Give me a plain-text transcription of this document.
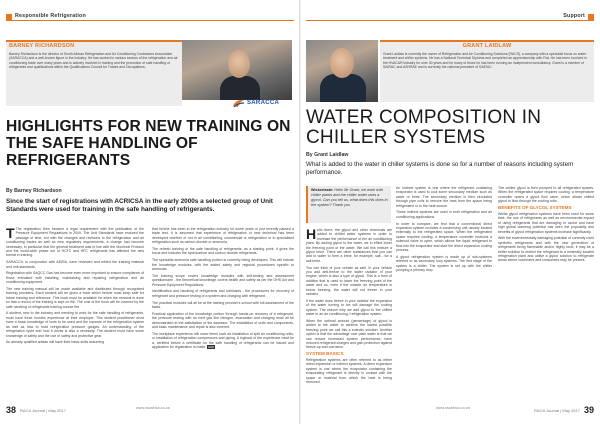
Responsible Refrigeration
BARNEY RICHARDSON
Barney Richardson is the director of South African Refrigeration and Air Conditioning Contractors Association (SARACCA) and a well-known figure in the industry. He has worked in various sectors of the refrigeration and air conditioning trade over many years and is actively involved in training and the promotion of safe handling of refrigerants and qualifications within the Qualifications Council for Trades and Occupations.
SARACCA
HIGHLIGHTS FOR NEW TRAINING ON THE SAFE HANDLING OF REFRIGERANTS
By Barney Richardson
Since the start of registrations with ACRICSA in the early 2000s a selected group of Unit Standards were used for training in the safe handling of refrigerants.

T The registration then became a legal requirement with the publication of the Pressure Equipment Regulations in 2009. The Unit Standards have endured the passage of time, but with the changes and revisions to the refrigeration and air conditioning trades as well as new regulatory requirements, a change had become necessary, in particular that the general treatment was in line with the Montreal Protocol and the world-wide phase out of HCFC and HFC refrigerants has affected the new format in training.

SARACCA, in conjunction with AIDRA, have reviewed and edited the training material and unit standards.

Registration with SAQCC Gas has become even more important to ensure compliance of those entrusted with installing, maintaining and repairing refrigeration and air conditioning equipment.

The new training manual will be made available and distributed through recognised training providers. Each student will be given a book which he/she must keep safe for future training and reference. This book must be available for when the renewal is done so that a record of the training is kept on file. The cost of the book will be covered by the safe handling of refrigerants training course fee.

A student, new to the industry and needing to work for the safe handling of refrigerants, must have three months experience at their employer. This student practitioner must have a basic knowledge of tools to be used and the hazards of the refrigeration system as well as how to read refrigeration pressure gauges. An understanding of the refrigeration cycle and how it works is also a necessity. The student must have some knowledge of safety and the use of safety and protective gear.

An already qualified artisan will have their basic skills assuming

that he/she has been in the refrigeration industry for some years or just recently passed a trade test. It is assumed that experience of refrigeration or new technical has been developed whether or not in air conditioning, commercial or refrigeration or in specialised refrigeration such as carbon dioxide or ammonia.

The refresh training or the safe handling of refrigerants, as a starting point, it gives the focus and includes the hydrocarbon and carbon dioxide refrigerants.

The specialist ammonia safe handling portion is currently being developed. This will include the knowledge modules, with the added safety and regional procedures specific to ammonia.

The training scope covers knowledge modules with self-testing and assessment questionnaire - the theoretical knowledge covers health and safety as per the OHS Act and Pressure Equipment Regulations.

Identification and handling of refrigerants and lubricants - the procedures for recovery of refrigerant and pressure testing of a system and charging with refrigerant.

The practical modules will all be at the training provider's school with full assessment of the tasks.

Practical application of the knowledge portion through hands-on recovery of a refrigerant, the pressure testing with an inert gas like nitrogen, evacuation and charging must all be demonstrated to the satisfaction of the assessor. The installation of units and components, and basic maintenance and repair is also covered.

The workplace experience will cover items such as installation of split air conditioning units, or installation of refrigeration compressors and piping. A logbook of the experience must be a, certified before a certificate for the safe handling of refrigerants can be issued and application for registration is made. END

38 RACA Journal | May 2017	www.racafrica.co.za
Support
GRANT LAIDLAW
Grant Laidlaw is currently the owner of Refrigeration and Air Conditioning Solutions (RACS), a company with a specialist focus on water treatment and chiller systems. He has a National Technical Diploma and completed an apprenticeship with Fiat. He has been involved in the HVAC&R industry for over 30 years and for many of those he has been running an independent consultancy. Grant is a member of SAIRAC and ASHRAE and is currently the national president of SAIRAC.
WATER COMPOSITION IN CHILLER SYSTEMS
By Grant Laidlaw
What is added to the water in chiller systems is done so for a number of reasons including system performance.
Wickerlaste: Hello Mr Grant, we work with chiller plants and the chiller water uses a glycol. Can you tell us, what does this does in the system? Thank you

Hello there, the glycol and other chemicals are added to chilled water systems in order to increase the performance of the air conditioning plant. By adding glycol to the water, we in effect lower the freezing point of the water. We call this mixture a glycol brine. There are other substances that you can add to water to form a brine, for example, salt - for a salt brine.

You can think of your vehicle as well. In your vehicle you add anti-freeze to the water radiator of your engine, which is also a type of glycol. This is a form of additive that is used to lower the freezing point of the water and so, even if the outside air temperature is below freezing, the water will not freeze in your radiator.

If the water does freeze in your radiator the expansion of the water turning to ice will damage the cooling system. The reason why we add glycol to the chilled water in an air conditioning / refrigeration system.

When the optimal amount (percentage) of glycol is added to the water to achieve the lowest possible freezing point we call this a eutectic solution. Another option is that the advantage over plain water is that we can reduce increased system performance, have reduced refrigerant charges and gain protection against freeze-up and corrosion.

SYSTEM BASICS

Refrigeration systems are often referred to as either direct expansion or indirect systems. A direct expansion system is one where the evaporator containing the evaporating refrigerant is directly in contact with the space or material from which the heat is being removed.

An indirect system is one where the refrigerant containing evaporator is used to cool some secondary medium such as water or brine. The secondary medium is then circulated through pipe coils to remove the heat from the space being refrigerated or to the heat source.

These indirect systems are used in both refrigeration and air conditioning applications.

In order to compare, we find that a conventional direct expansion system includes a condensing unit usually located externally to the refrigerated space. When the refrigerated space requires cooling, a temperature controller instructs a solenoid valve to open, which allows the liquid refrigerant to flow into the evaporator and start the direct expansion cooling process.

A glycol refrigeration system is made up of sub-systems referred to as secondary loop systems. The first stage of the system is a chiller. The system is set up with the chiller pumping a primary loop.

The chilled glycol is then pumped to all refrigerated spaces. When the refrigerated space requires cooling, a temperature controller opens a glycol flow valve, which allows chilled glycol to flow through the cooling coils.

BENEFITS OF GLYCOL SYSTEMS

Whilst glycol refrigeration systems have been used for some time, the use of refrigerants as well as environmental impact of using refrigerants that are damaging to ozone and have high global warming potential has seen the popularity and benefits of glycol refrigeration systems increase significantly.

With the environmentally damaging potential of currently used synthetic refrigerants and with the new generation of refrigerants being flammable and/or highly toxic, it may be a better solution to restrict the refrigerant to a minimally located refrigeration plant and utilise a glycol solution to refrigerate areas where customers and consumers may be present.

www.racafrica.co.za	RACA Journal | May 2017 39
